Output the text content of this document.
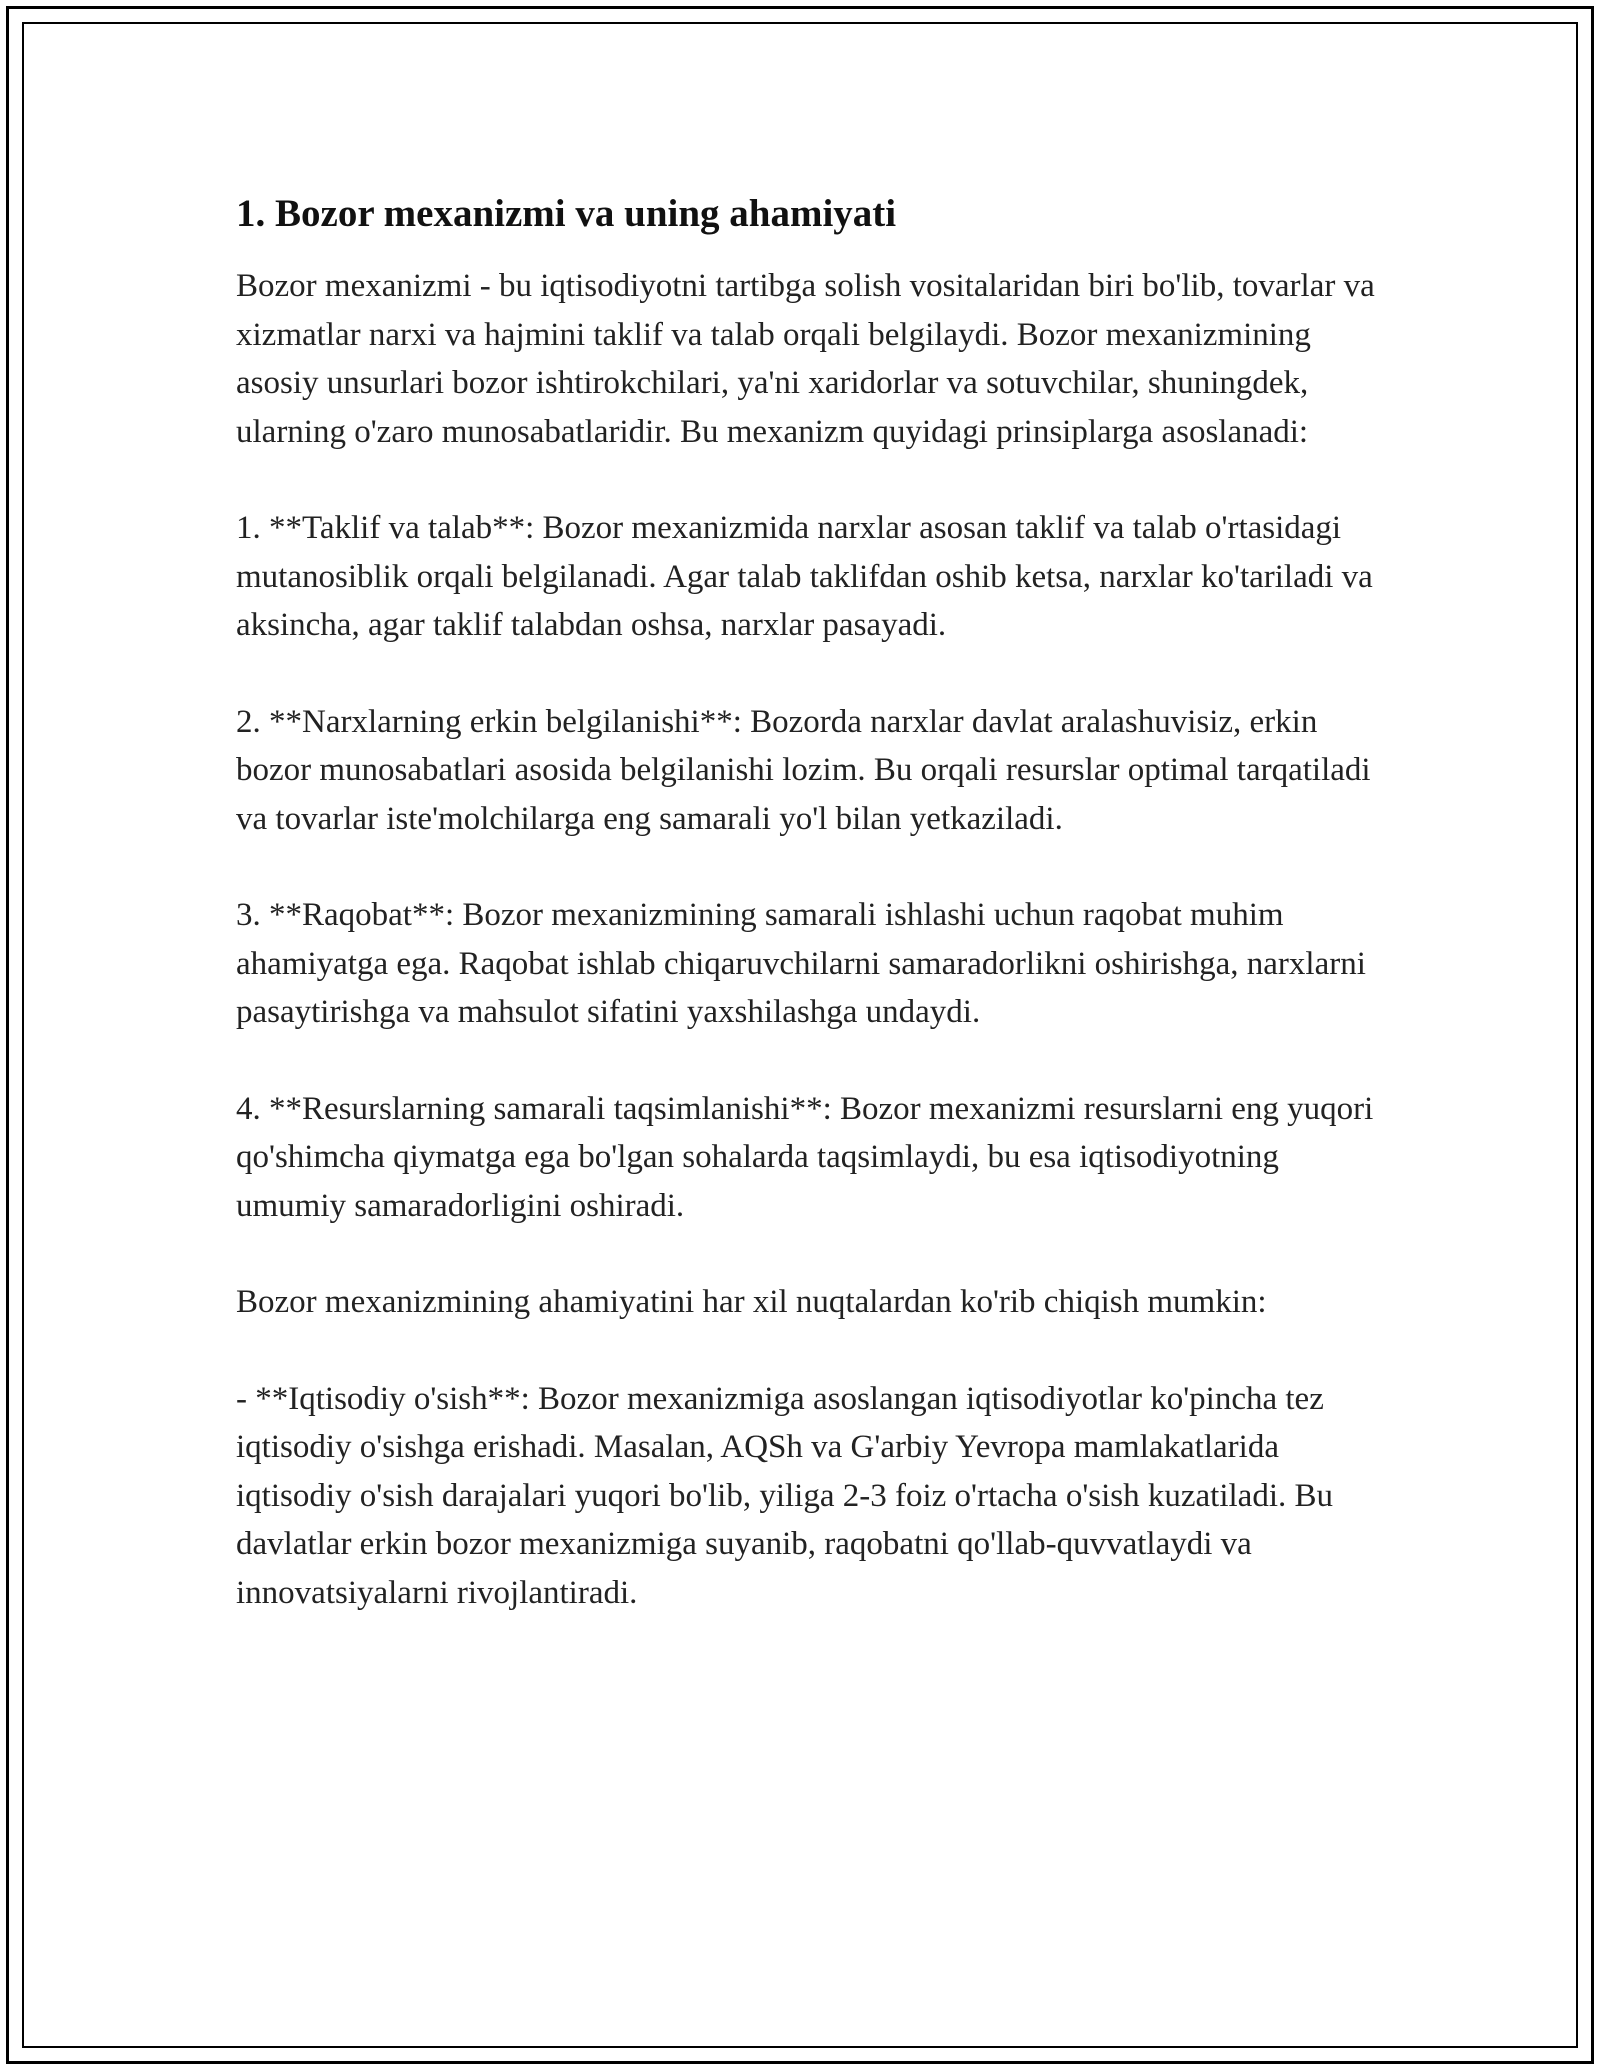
1. Bozor mexanizmi va uning ahamiyati

Bozor mexanizmi - bu iqtisodiyotni tartibga solish vositalaridan biri bo'lib, tovarlar va xizmatlar narxi va hajmini taklif va talab orqali belgilaydi. Bozor mexanizmining asosiy unsurlari bozor ishtirokchilari, ya'ni xaridorlar va sotuvchilar, shuningdek, ularning o'zaro munosabatlaridir. Bu mexanizm quyidagi prinsiplarga asoslanadi:

1. **Taklif va talab**: Bozor mexanizmida narxlar asosan taklif va talab o'rtasidagi mutanosiblik orqali belgilanadi. Agar talab taklifdan oshib ketsa, narxlar ko'tariladi va aksincha, agar taklif talabdan oshsa, narxlar pasayadi.

2. **Narxlarning erkin belgilanishi**: Bozorda narxlar davlat aralashuvisiz, erkin bozor munosabatlari asosida belgilanishi lozim. Bu orqali resurslar optimal tarqatiladi va tovarlar iste'molchilarga eng samarali yo'l bilan yetkaziladi.

3. **Raqobat**: Bozor mexanizmining samarali ishlashi uchun raqobat muhim ahamiyatga ega. Raqobat ishlab chiqaruvchilarni samaradorlikni oshirishga, narxlarni pasaytirishga va mahsulot sifatini yaxshilashga undaydi.

4. **Resurslarning samarali taqsimlanishi**: Bozor mexanizmi resurslarni eng yuqori qo'shimcha qiymatga ega bo'lgan sohalarda taqsimlaydi, bu esa iqtisodiyotning umumiy samaradorligini oshiradi.

Bozor mexanizmining ahamiyatini har xil nuqtalardan ko'rib chiqish mumkin:

- **Iqtisodiy o'sish**: Bozor mexanizmiga asoslangan iqtisodiyotlar ko'pincha tez iqtisodiy o'sishga erishadi. Masalan, AQSh va G'arbiy Yevropa mamlakatlarida iqtisodiy o'sish darajalari yuqori bo'lib, yiliga 2-3 foiz o'rtacha o'sish kuzatiladi. Bu davlatlar erkin bozor mexanizmiga suyanib, raqobatni qo'llab-quvvatlaydi va innovatsiyalarni rivojlantiradi.
